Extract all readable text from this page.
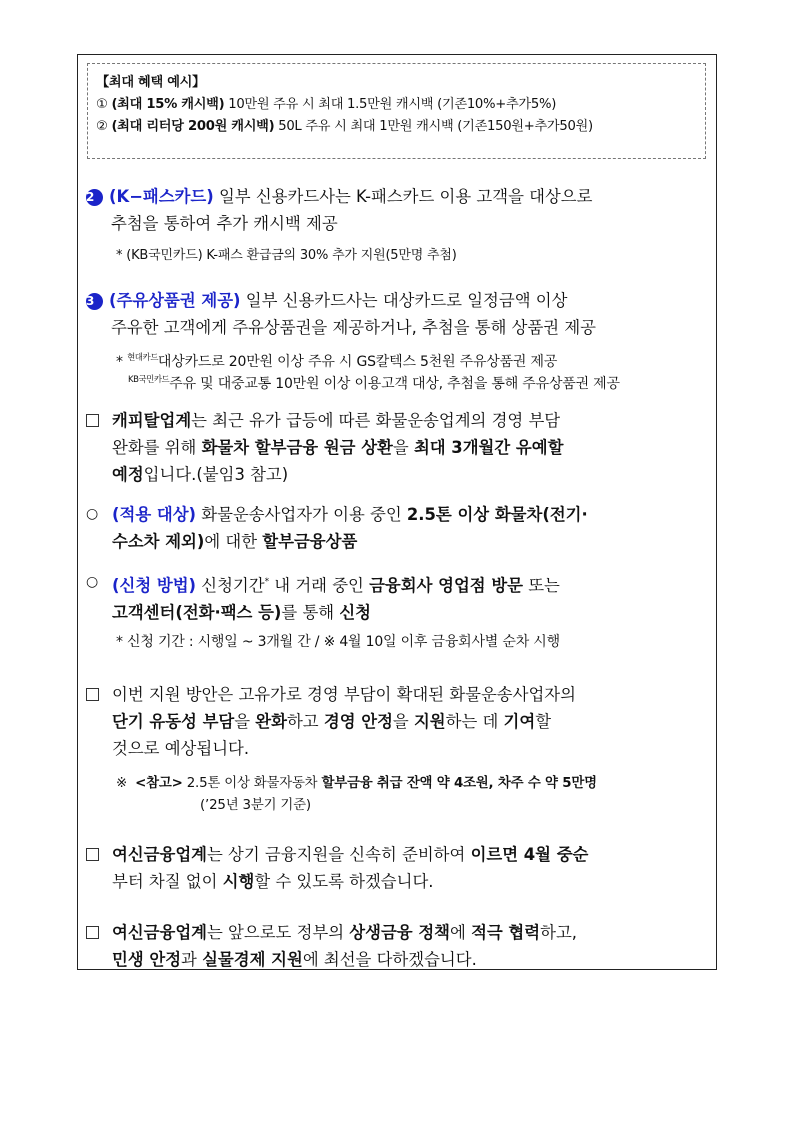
【최대 혜택 예시】
① (최대 15% 캐시백) 10만원 주유 시 최대 1.5만원 캐시백 (기존10%+추가5%)
② (최대 리터당 200원 캐시백) 50L 주유 시 최대 1만원 캐시백 (기존150원+추가50원)
2 (K−패스카드) 일부 신용카드사는 K-패스카드 이용 고객을 대상으로
추첨을 통하여 추가 캐시백 제공
* (KB국민카드) K-패스 환급금의 30% 추가 지원(5만명 추첨)
3 (주유상품권 제공) 일부 신용카드사는 대상카드로 일정금액 이상
주유한 고객에게 주유상품권을 제공하거나, 추첨을 통해 상품권 제공
* $^{현대카드}$대상카드로 20만원 이상 주유 시 GS칼텍스 5천원 주유상품권 제공
$^{KB국민카드}$주유 및 대중교통 10만원 이상 이용고객 대상, 추첨을 통해 주유상품권 제공
캐피탈업계는 최근 유가 급등에 따른 화물운송업계의 경영 부담
완화를 위해 화물차 할부금융 원금 상환을 최대 3개월간 유예할
예정입니다.(붙임3 참고)
○ (적용 대상) 화물운송사업자가 이용 중인 2.5톤 이상 화물차(전기·
수소차 제외)에 대한 할부금융상품
○ (신청 방법) 신청기간* 내 거래 중인 금융회사 영업점 방문 또는
고객센터(전화·팩스 등)를 통해 신청
* 신청 기간 : 시행일 ~ 3개월 간 / ※ 4월 10일 이후 금융회사별 순차 시행
이번 지원 방안은 고유가로 경영 부담이 확대된 화물운송사업자의
단기 유동성 부담을 완화하고 경영 안정을 지원하는 데 기여할
것으로 예상됩니다.
※ <참고> 2.5톤 이상 화물자동차 할부금융 취급 잔액 약 4조원, 차주 수 약 5만명
(’25년 3분기 기준)
여신금융업계는 상기 금융지원을 신속히 준비하여 이르면 4월 중순
부터 차질 없이 시행할 수 있도록 하겠습니다.
여신금융업계는 앞으로도 정부의 상생금융 정책에 적극 협력하고,
민생 안정과 실물경제 지원에 최선을 다하겠습니다.
